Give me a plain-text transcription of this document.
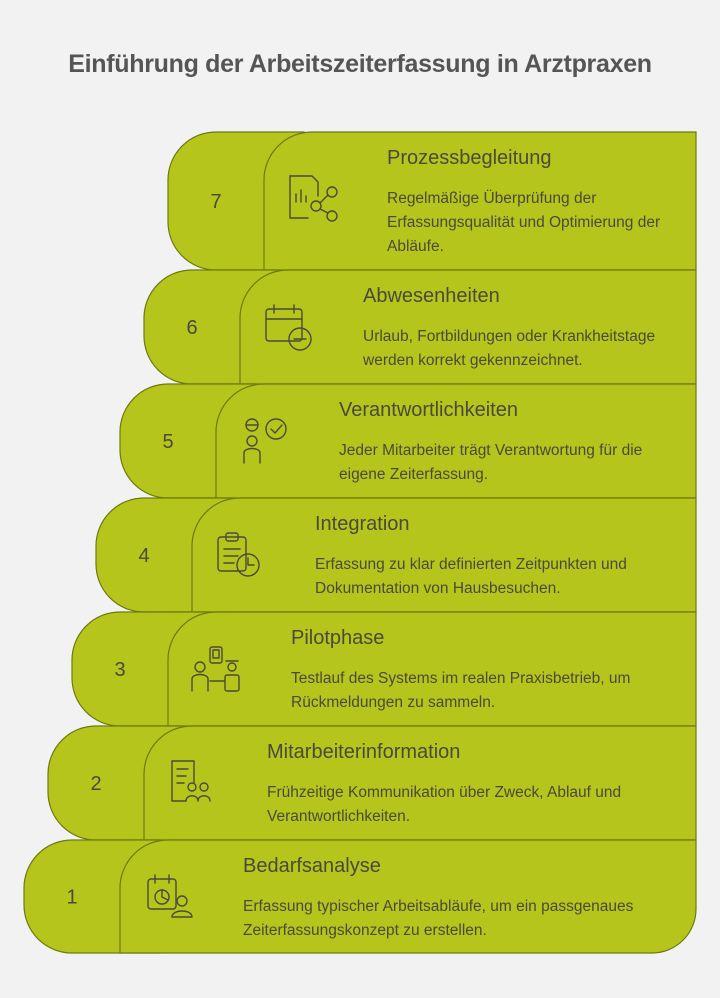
Einführung der Arbeitszeiterfassung in Arztpraxen
7
6
5
4
3
2
1
Prozessbegleitung
Regelmäßige Überprüfung der Erfassungsqualität und Optimierung der Abläufe.
Abwesenheiten
Urlaub, Fortbildungen oder Krankheitstage werden korrekt gekennzeichnet.
Verantwortlichkeiten
Jeder Mitarbeiter trägt Verantwortung für die eigene Zeiterfassung.
Integration
Erfassung zu klar definierten Zeitpunkten und Dokumentation von Hausbesuchen.
Pilotphase
Testlauf des Systems im realen Praxisbetrieb, um Rückmeldungen zu sammeln.
Mitarbeiterinformation
Frühzeitige Kommunikation über Zweck, Ablauf und Verantwortlichkeiten.
Bedarfsanalyse
Erfassung typischer Arbeitsabläufe, um ein passgenaues Zeiterfassungskonzept zu erstellen.
